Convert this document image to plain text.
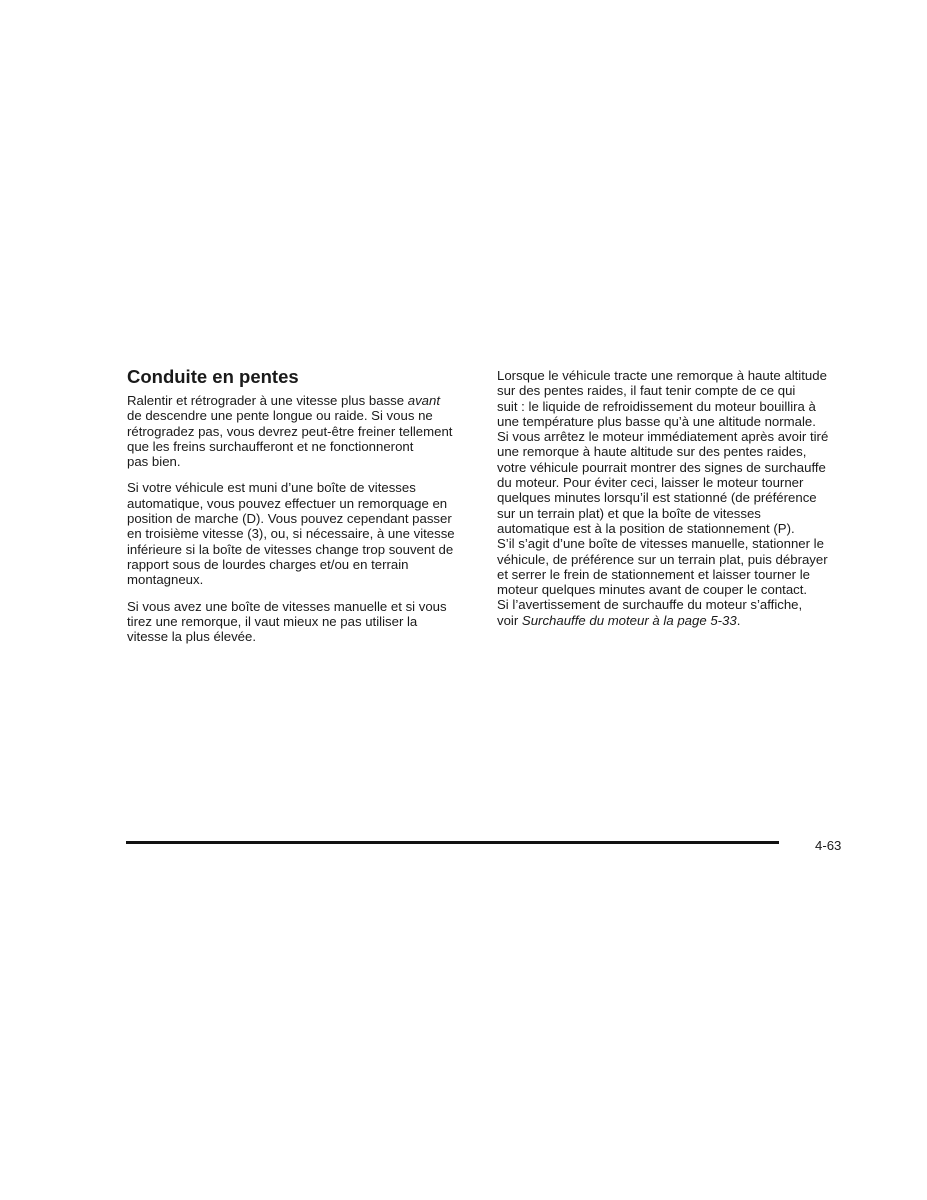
Conduite en pentes
Ralentir et rétrograder à une vitesse plus basse avant
de descendre une pente longue ou raide. Si vous ne
rétrogradez pas, vous devrez peut-être freiner tellement
que les freins surchaufferont et ne fonctionneront
pas bien.
Si votre véhicule est muni d’une boîte de vitesses
automatique, vous pouvez effectuer un remorquage en
position de marche (D). Vous pouvez cependant passer
en troisième vitesse (3), ou, si nécessaire, à une vitesse
inférieure si la boîte de vitesses change trop souvent de
rapport sous de lourdes charges et/ou en terrain
montagneux.
Si vous avez une boîte de vitesses manuelle et si vous
tirez une remorque, il vaut mieux ne pas utiliser la
vitesse la plus élevée.
Lorsque le véhicule tracte une remorque à haute altitude
sur des pentes raides, il faut tenir compte de ce qui
suit : le liquide de refroidissement du moteur bouillira à
une température plus basse qu’à une altitude normale.
Si vous arrêtez le moteur immédiatement après avoir tiré
une remorque à haute altitude sur des pentes raides,
votre véhicule pourrait montrer des signes de surchauffe
du moteur. Pour éviter ceci, laisser le moteur tourner
quelques minutes lorsqu’il est stationné (de préférence
sur un terrain plat) et que la boîte de vitesses
automatique est à la position de stationnement (P).
S’il s’agit d’une boîte de vitesses manuelle, stationner le
véhicule, de préférence sur un terrain plat, puis débrayer
et serrer le frein de stationnement et laisser tourner le
moteur quelques minutes avant de couper le contact.
Si l’avertissement de surchauffe du moteur s’affiche,
voir Surchauffe du moteur à la page 5-33.
4-63
